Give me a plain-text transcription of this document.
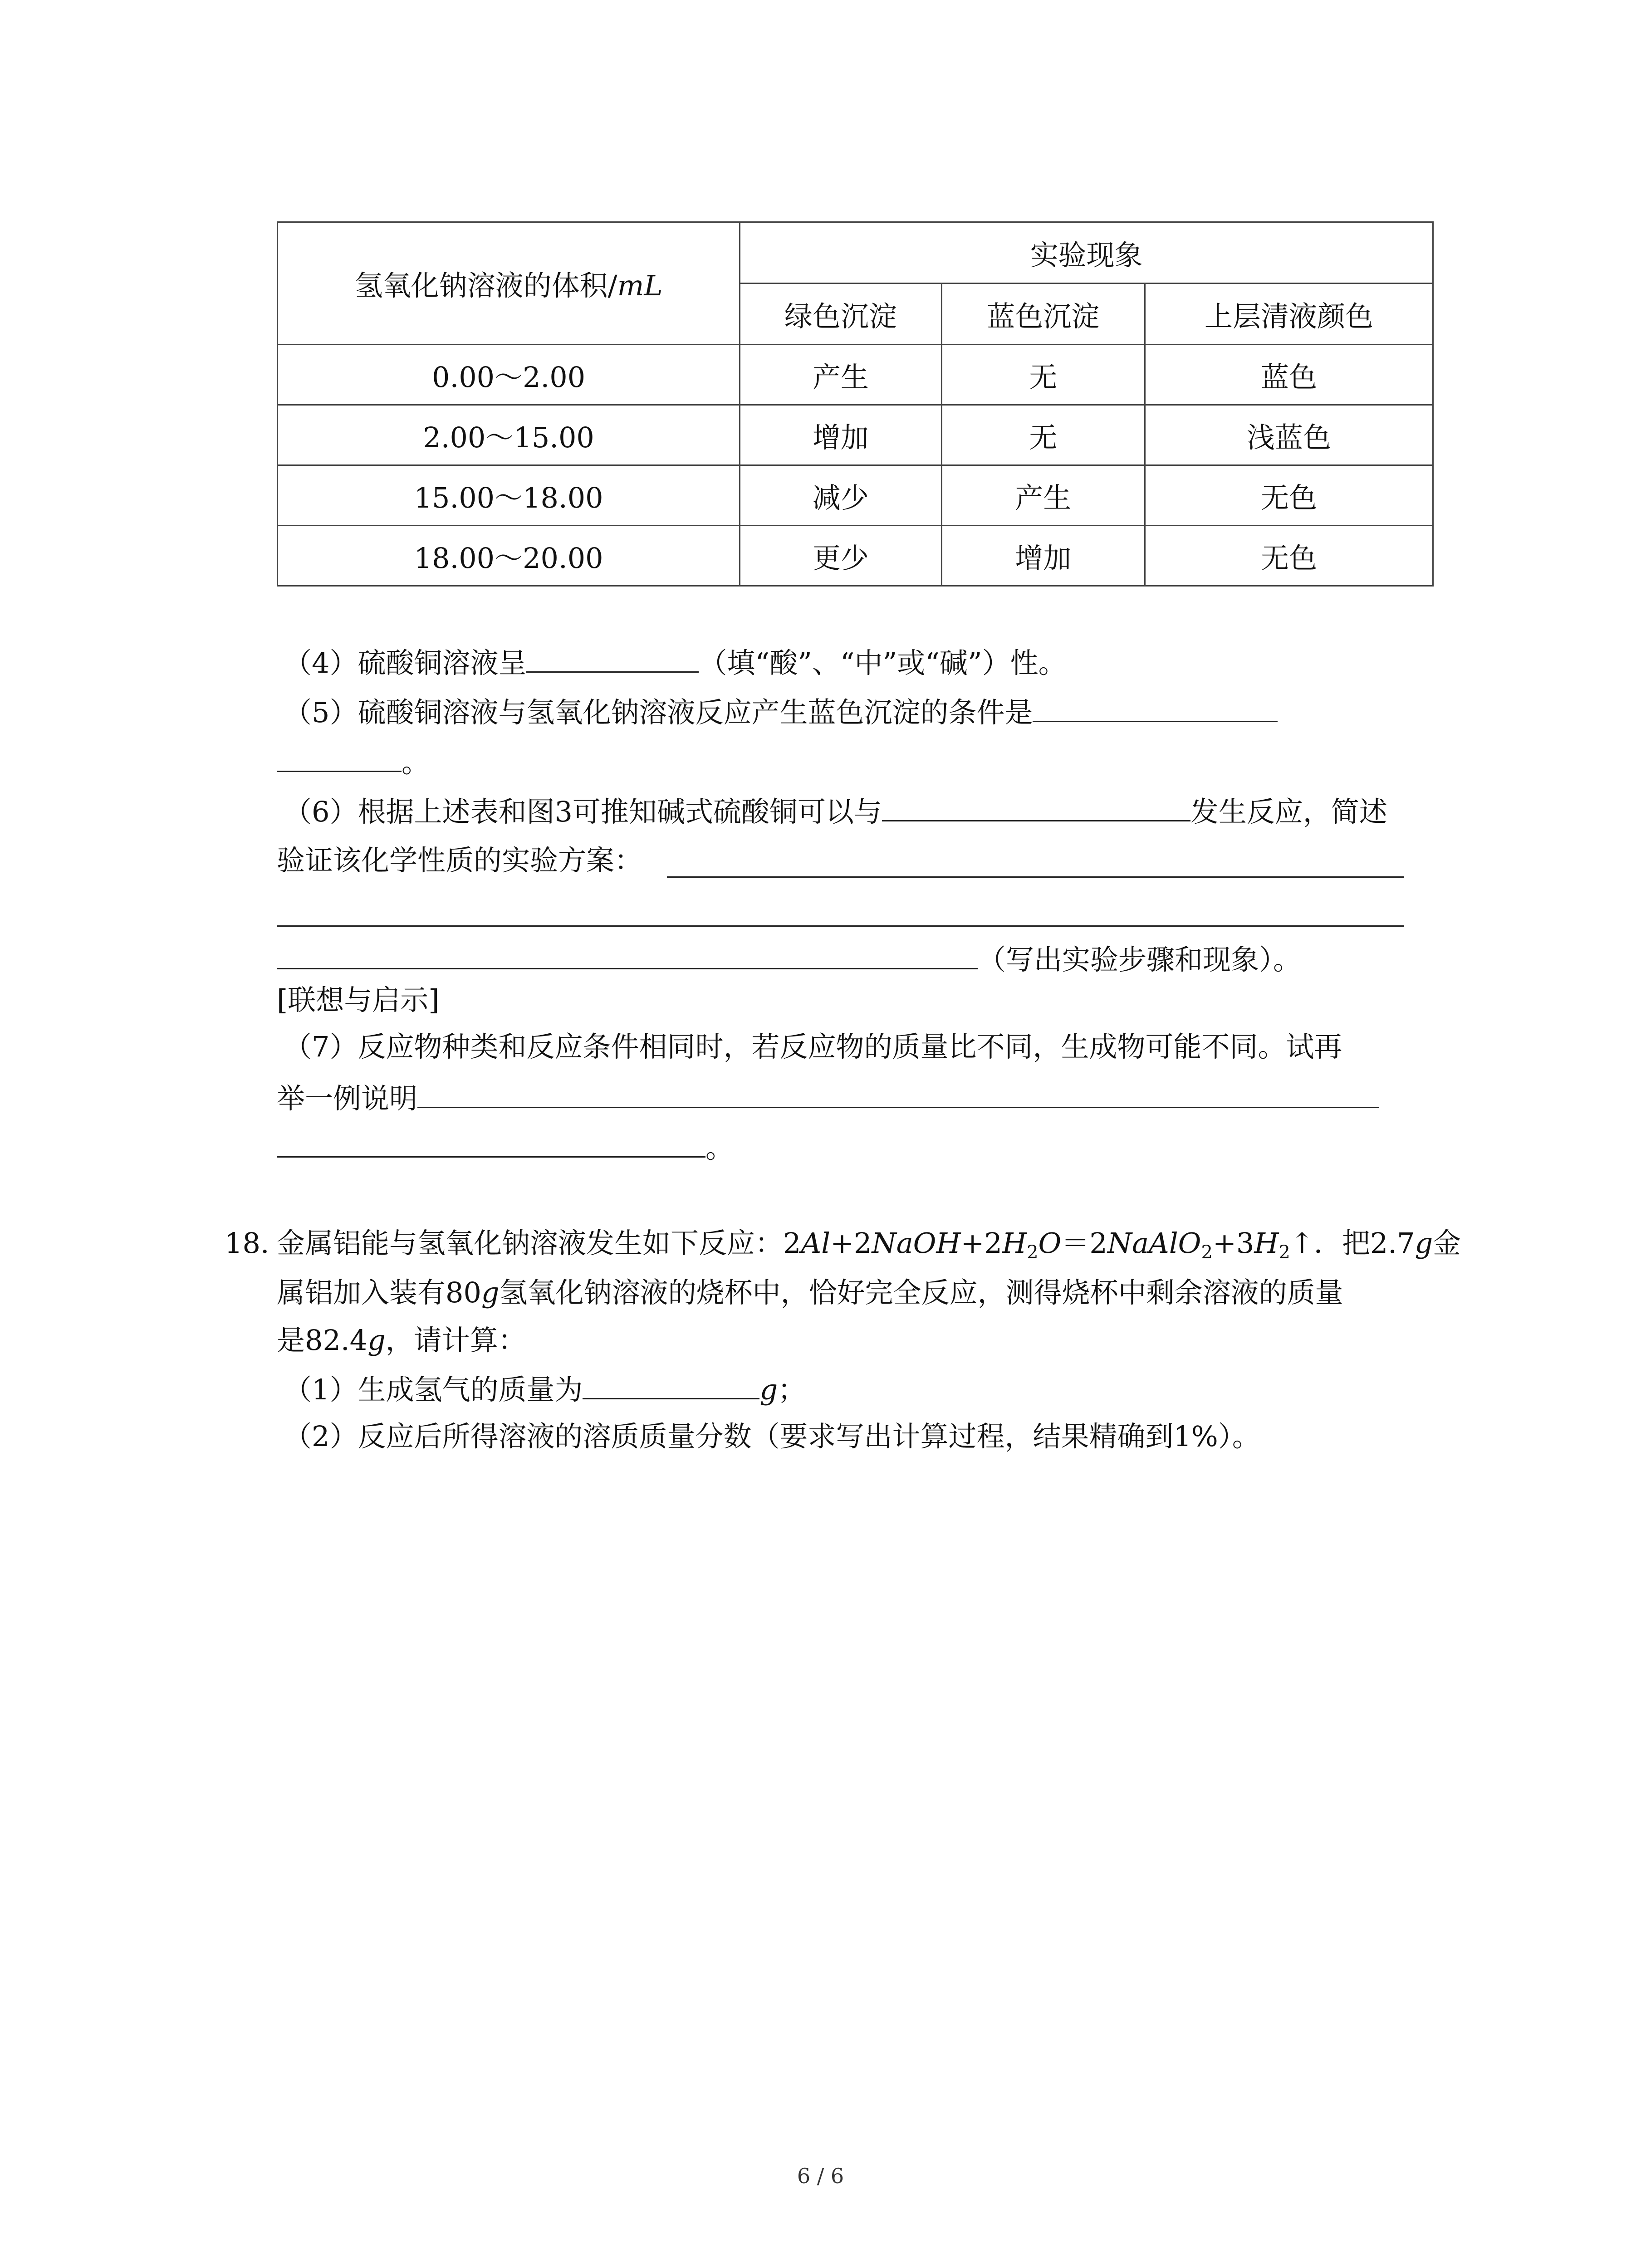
氢氧化钠溶液的体积/mL	实验现象		
	绿色沉淀	蓝色沉淀	上层清液颜色
0.00～2.00	产生	无	蓝色
2.00～15.00	增加	无	浅蓝色
15.00～18.00	减少	产生	无色
18.00～20.00	更少	增加	无色
（4）硫酸铜溶液呈	（填“酸”、“中”或“碱”）性。
（5）硫酸铜溶液与氢氧化钠溶液反应产生蓝色沉淀的条件是
。
（6）根据上述表和图3可推知碱式硫酸铜可以与	发生反应，简述
验证该化学性质的实验方案：
（写出实验步骤和现象）。
[联想与启示]
（7）反应物种类和反应条件相同时，若反应物的质量比不同，生成物可能不同。试再
举一例说明
。
18. 金属铝能与氢氧化钠溶液发生如下反应：$2Al+2NaOH+2H_2O=2NaAlO_2+3H_2↑$．把2.7g金
属铝加入装有80g氢氧化钠溶液的烧杯中，恰好完全反应，测得烧杯中剩余溶液的质量
是82.4g，请计算：
（1）生成氢气的质量为	g；
（2）反应后所得溶液的溶质质量分数（要求写出计算过程，结果精确到1%）。
6 / 6
